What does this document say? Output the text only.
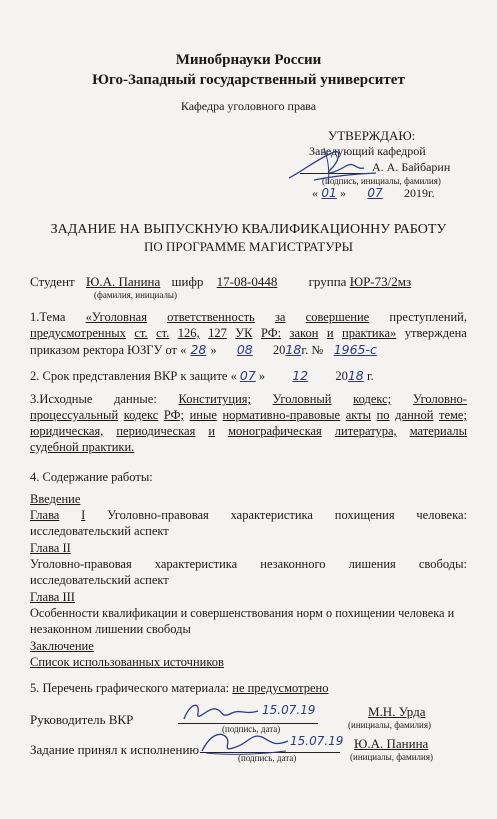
Минобрнауки России
Юго-Западный государственный университет
Кафедра уголовного права
УТВЕРЖДАЮ:
Заведующий кафедрой
А. А. Байбарин
(подпись, инициалы, фамилия)
« 01 » 07 2019г.
ЗАДАНИЕ НА ВЫПУСКНУЮ КВАЛИФИКАЦИОННУ РАБОТУ
ПО ПРОГРАММЕ МАГИСТРАТУРЫ
Студент Ю.А. Панина шифр 17-08-0448 группа ЮР-73/2мз
(фамилия, инициалы)
1.Тема «Уголовная ответственность за совершение преступлений,
предусмотренных ст. ст. 126, 127 УК РФ: закон и практика» утверждена
приказом ректора ЮЗГУ от « 28 » 08 2018г. № 1965-с
2. Срок представления ВКР к защите « 07 » 12 2018 г.
3.Исходные данные: Конституция; Уголовный кодекс; Уголовно-
процессуальный кодекс РФ; иные нормативно-правовые акты по данной теме;
юридическая, периодическая и монографическая литература, материалы
судебной практики.
4. Содержание работы:
Введение
Глава I Уголовно-правовая характеристика похищения человека:
исследовательский аспект
Глава II
Уголовно-правовая характеристика незаконного лишения свободы:
исследовательский аспект
Глава III
Особенности квалификации и совершенствования норм о похищении человека и
незаконном лишении свободы
Заключение
Список использованных источников
5. Перечень графического материала: не предусмотрено
Руководитель ВКР
(подпись, дата)
М.Н. Урда
(инициалы, фамилия)
15.07.19
Задание принял к исполнению
(подпись, дата)
Ю.А. Панина
(инициалы, фамилия)
15.07.19
